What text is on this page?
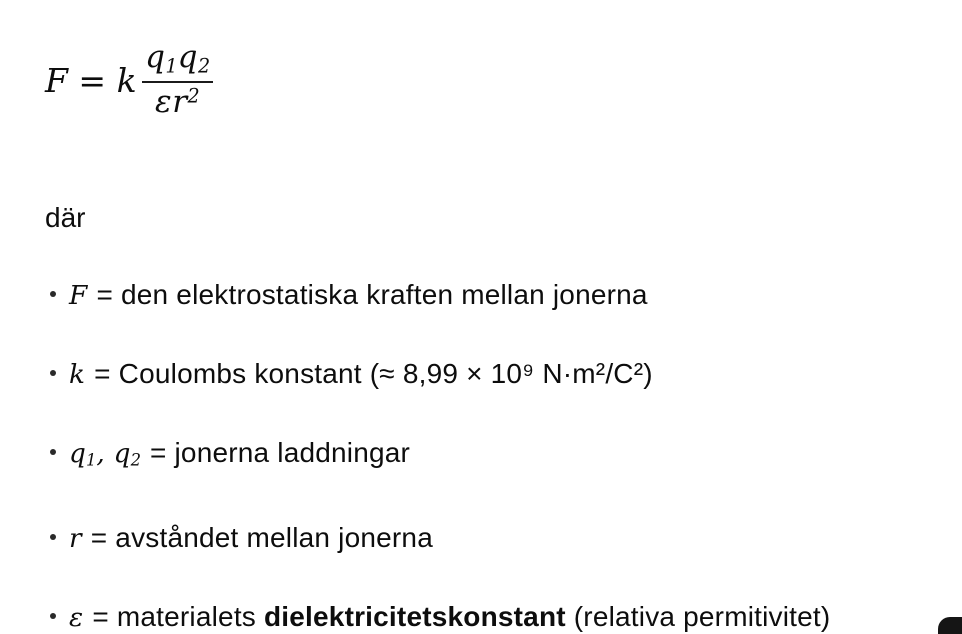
F = k $\frac{q1q2}{\varepsilon r^2}$
där
F = den elektrostatiska kraften mellan jonerna
k = Coulombs konstant (≈ 8,99 × 10⁹ N·m²/C²)
q1, q2 = jonerna laddningar
r = avståndet mellan jonerna
ε = materialets dielektricitetskonstant (relativa permitivitet)
